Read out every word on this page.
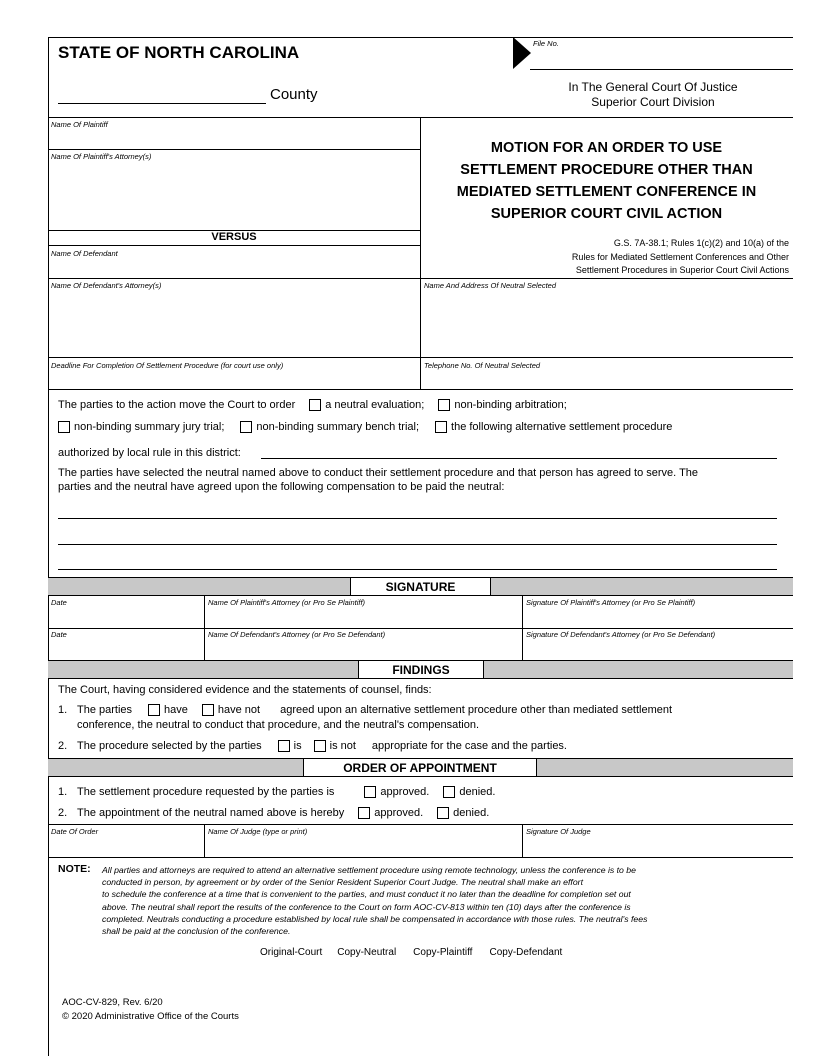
STATE OF NORTH CAROLINA
County
File No.
In The General Court Of Justice
Superior Court Division
Name Of Plaintiff
Name Of Plaintiff's Attorney(s)
VERSUS
Name Of Defendant
Name Of Defendant's Attorney(s)	Name And Address Of Neutral Selected
Deadline For Completion Of Settlement Procedure (for court use only)	Telephone No. Of Neutral Selected
MOTION FOR AN ORDER TO USE
SETTLEMENT PROCEDURE OTHER THAN
MEDIATED SETTLEMENT CONFERENCE IN
SUPERIOR COURT CIVIL ACTION
G.S. 7A-38.1; Rules 1(c)(2) and 10(a) of the
Rules for Mediated Settlement Conferences and Other
Settlement Procedures in Superior Court Civil Actions
The parties to the action move the Court to order	a neutral evaluation;	non-binding arbitration;
non-binding summary jury trial;	non-binding summary bench trial;	the following alternative settlement procedure
authorized by local rule in this district:
The parties have selected the neutral named above to conduct their settlement procedure and that person has agreed to serve. The
parties and the neutral have agreed upon the following compensation to be paid the neutral:
SIGNATURE
Date	Name Of Plaintiff's Attorney (or Pro Se Plaintiff)	Signature Of Plaintiff's Attorney (or Pro Se Plaintiff)
Date	Name Of Defendant's Attorney (or Pro Se Defendant)	Signature Of Defendant's Attorney (or Pro Se Defendant)
FINDINGS
The Court, having considered evidence and the statements of counsel, finds:
1. The parties	have	have not agreed upon an alternative settlement procedure other than mediated settlement
conference, the neutral to conduct that procedure, and the neutral's compensation.
2. The procedure selected by the parties	is	is not appropriate for the case and the parties.
ORDER OF APPOINTMENT
1. The settlement procedure requested by the parties is	approved.	denied.
2. The appointment of the neutral named above is hereby	approved.	denied.
Date Of Order	Name Of Judge (type or print)	Signature Of Judge
NOTE: All parties and attorneys are required to attend an alternative settlement procedure using remote technology, unless the conference is to be
conducted in person, by agreement or by order of the Senior Resident Superior Court Judge. The neutral shall make an effort
to schedule the conference at a time that is convenient to the parties, and must conduct it no later than the deadline for completion set out
above. The neutral shall report the results of the conference to the Court on form AOC-CV-813 within ten (10) days after the conference is
completed. Neutrals conducting a procedure established by local rule shall be compensated in accordance with those rules. The neutral's fees
shall be paid at the conclusion of the conference.
Original-Court Copy-Neutral Copy-Plaintiff Copy-Defendant
AOC-CV-829, Rev. 6/20
© 2020 Administrative Office of the Courts
